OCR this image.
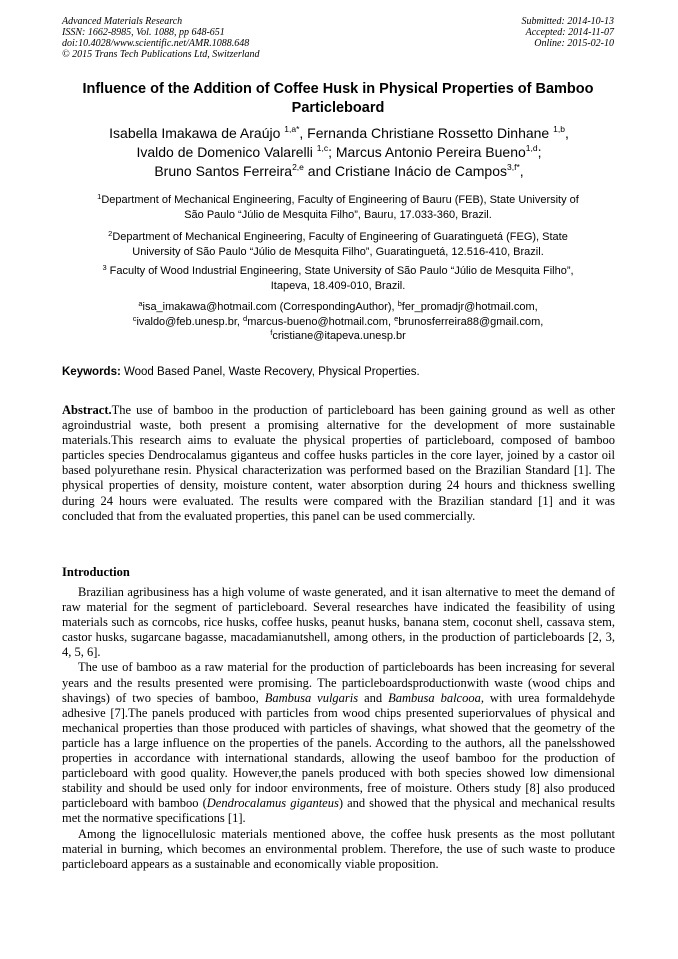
Advanced Materials Research
ISSN: 1662-8985, Vol. 1088, pp 648-651
doi:10.4028/www.scientific.net/AMR.1088.648
© 2015 Trans Tech Publications Ltd, Switzerland
Submitted: 2014-10-13
Accepted: 2014-11-07
Online: 2015-02-10
Influence of the Addition of Coffee Husk in Physical Properties of Bamboo Particleboard
Isabella Imakawa de Araújo $^{1,a*}$, Fernanda Christiane Rossetto Dinhane $^{1,b}$,
Ivaldo de Domenico Valarelli $^{1,c}$; Marcus Antonio Pereira Bueno$^{1,d}$;
Bruno Santos Ferreira$^{2,e}$ and Cristiane Inácio de Campos$^{3,f*}$,
$^1$Department of Mechanical Engineering, Faculty of Engineering of Bauru (FEB), State University of
São Paulo “Júlio de Mesquita Filho”, Bauru, 17.033-360, Brazil.
$^2$Department of Mechanical Engineering, Faculty of Engineering of Guaratinguetá (FEG), State
University of São Paulo “Júlio de Mesquita Filho”, Guaratinguetá, 12.516-410, Brazil.
$^3$ Faculty of Wood Industrial Engineering, State University of São Paulo “Júlio de Mesquita Filho”,
Itapeva, 18.409-010, Brazil.
$^a$isa_imakawa@hotmail.com (CorrespondingAuthor), $^b$fer_promadjr@hotmail.com,
$^c$ivaldo@feb.unesp.br, $^d$marcus-bueno@hotmail.com, $^e$brunosferreira88@gmail.com,
$^f$cristiane@itapeva.unesp.br
Keywords: Wood Based Panel, Waste Recovery, Physical Properties.
Abstract.The use of bamboo in the production of particleboard has been gaining ground as well as other agroindustrial waste, both present a promising alternative for the development of more sustainable materials.This research aims to evaluate the physical properties of particleboard, composed of bamboo particles species Dendrocalamus giganteus and coffee husks particles in the core layer, joined by a castor oil based polyurethane resin. Physical characterization was performed based on the Brazilian Standard [1]. The physical properties of density, moisture content, water absorption during 24 hours and thickness swelling during 24 hours were evaluated. The results were compared with the Brazilian standard [1] and it was concluded that from the evaluated properties, this panel can be used commercially.
Introduction

Brazilian agribusiness has a high volume of waste generated, and it isan alternative to meet the demand of raw material for the segment of particleboard. Several researches have indicated the feasibility of using materials such as corncobs, rice husks, coffee husks, peanut husks, banana stem, coconut shell, cassava stem, castor husks, sugarcane bagasse, macadamianutshell, among others, in the production of particleboards [2, 3, 4, 5, 6].

The use of bamboo as a raw material for the production of particleboards has been increasing for several years and the results presented were promising. The particleboardsproductionwith waste (wood chips and shavings) of two species of bamboo, Bambusa vulgaris and Bambusa balcooa, with urea formaldehyde adhesive [7].The panels produced with particles from wood chips presented superiorvalues of physical and mechanical properties than those produced with particles of shavings, what showed that the geometry of the particle has a large influence on the properties of the panels. According to the authors, all the panelsshowed properties in accordance with international standards, allowing the useof bamboo for the production of particleboard with good quality. However,the panels produced with both species showed low dimensional stability and should be used only for indoor environments, free of moisture. Others study [8] also produced particleboard with bamboo (Dendrocalamus giganteus) and showed that the physical and mechanical results met the normative specifications [1].

Among the lignocellulosic materials mentioned above, the coffee husk presents as the most pollutant material in burning, which becomes an environmental problem. Therefore, the use of such waste to produce particleboard appears as a sustainable and economically viable proposition.
